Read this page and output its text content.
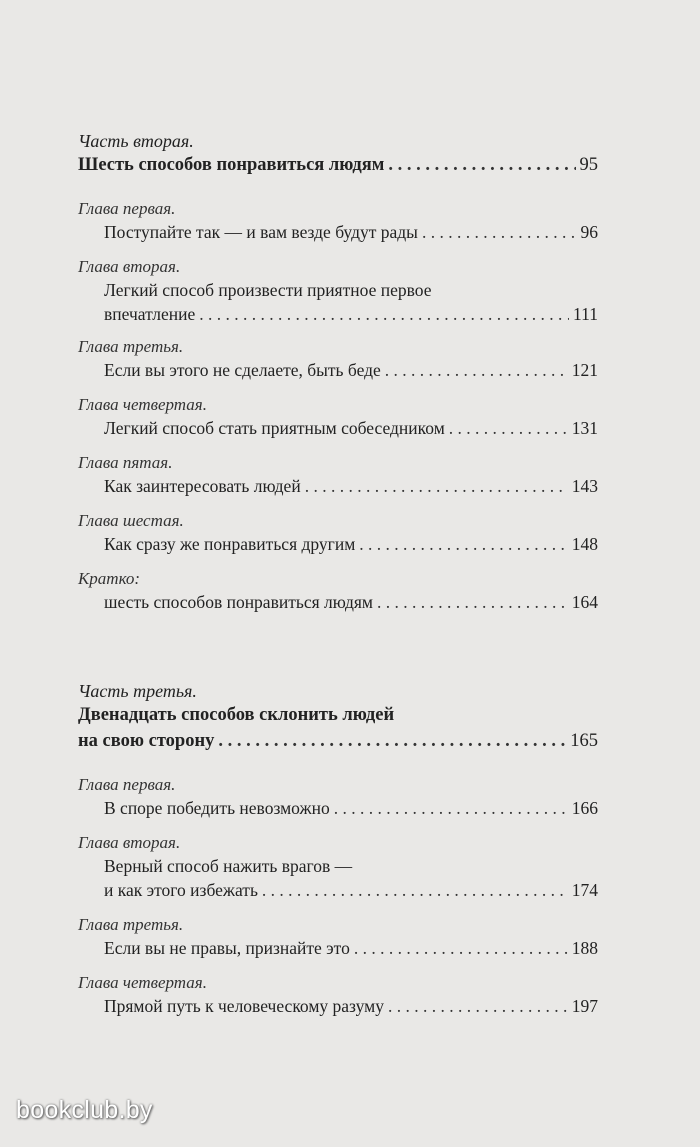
Часть вторая.
Шесть способов понравиться людям . . .	95
Глава первая.
Поступайте так — и вам везде будут рады . . .	96
Глава вторая.
Легкий способ произвести приятное первое
впечатление . . .	111
Глава третья.
Если вы этого не сделаете, быть беде . . .	121
Глава четвертая.
Легкий способ стать приятным собеседником . . .	131
Глава пятая.
Как заинтересовать людей . . .	143
Глава шестая.
Как сразу же понравиться другим . . .	148
Кратко:
шесть способов понравиться людям . . .	164
Часть третья.
Двенадцать способов склонить людей
на свою сторону . . .	165
Глава первая.
В споре победить невозможно . . .	166
Глава вторая.
Верный способ нажить врагов —
и как этого избежать . . .	174
Глава третья.
Если вы не правы, признайте это . . .	188
Глава четвертая.
Прямой путь к человеческому разуму . . .	197
bookclub.by
